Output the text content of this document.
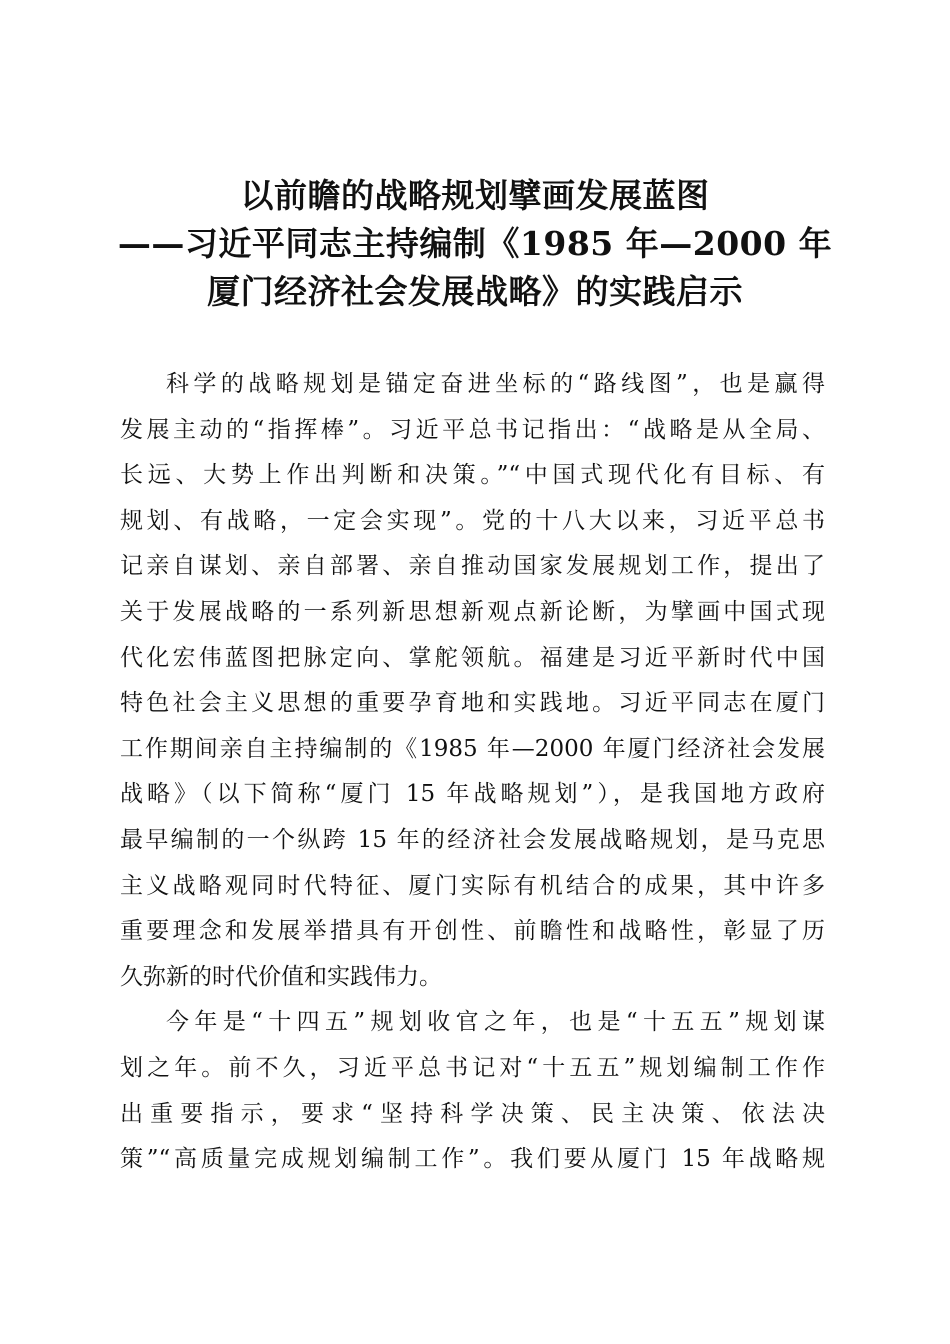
以前瞻的战略规划擘画发展蓝图
——习近平同志主持编制《1985 年—2000 年
厦门经济社会发展战略》的实践启示
科学的战略规划是锚定奋进坐标的“路线图”，也是赢得
发展主动的“指挥棒”。习近平总书记指出：“战略是从全局、
长远、大势上作出判断和决策。”“中国式现代化有目标、有
规划、有战略，一定会实现”。党的十八大以来，习近平总书
记亲自谋划、亲自部署、亲自推动国家发展规划工作，提出了
关于发展战略的一系列新思想新观点新论断，为擘画中国式现
代化宏伟蓝图把脉定向、掌舵领航。福建是习近平新时代中国
特色社会主义思想的重要孕育地和实践地。习近平同志在厦门
工作期间亲自主持编制的《1985 年—2000 年厦门经济社会发展
战略》（以下简称“厦门 15 年战略规划”），是我国地方政府
最早编制的一个纵跨 15 年的经济社会发展战略规划，是马克思
主义战略观同时代特征、厦门实际有机结合的成果，其中许多
重要理念和发展举措具有开创性、前瞻性和战略性，彰显了历
久弥新的时代价值和实践伟力。
今年是“十四五”规划收官之年，也是“十五五”规划谋
划之年。前不久，习近平总书记对“十五五”规划编制工作作
出重要指示，要求“坚持科学决策、民主决策、依法决
策”“高质量完成规划编制工作”。我们要从厦门 15 年战略规
